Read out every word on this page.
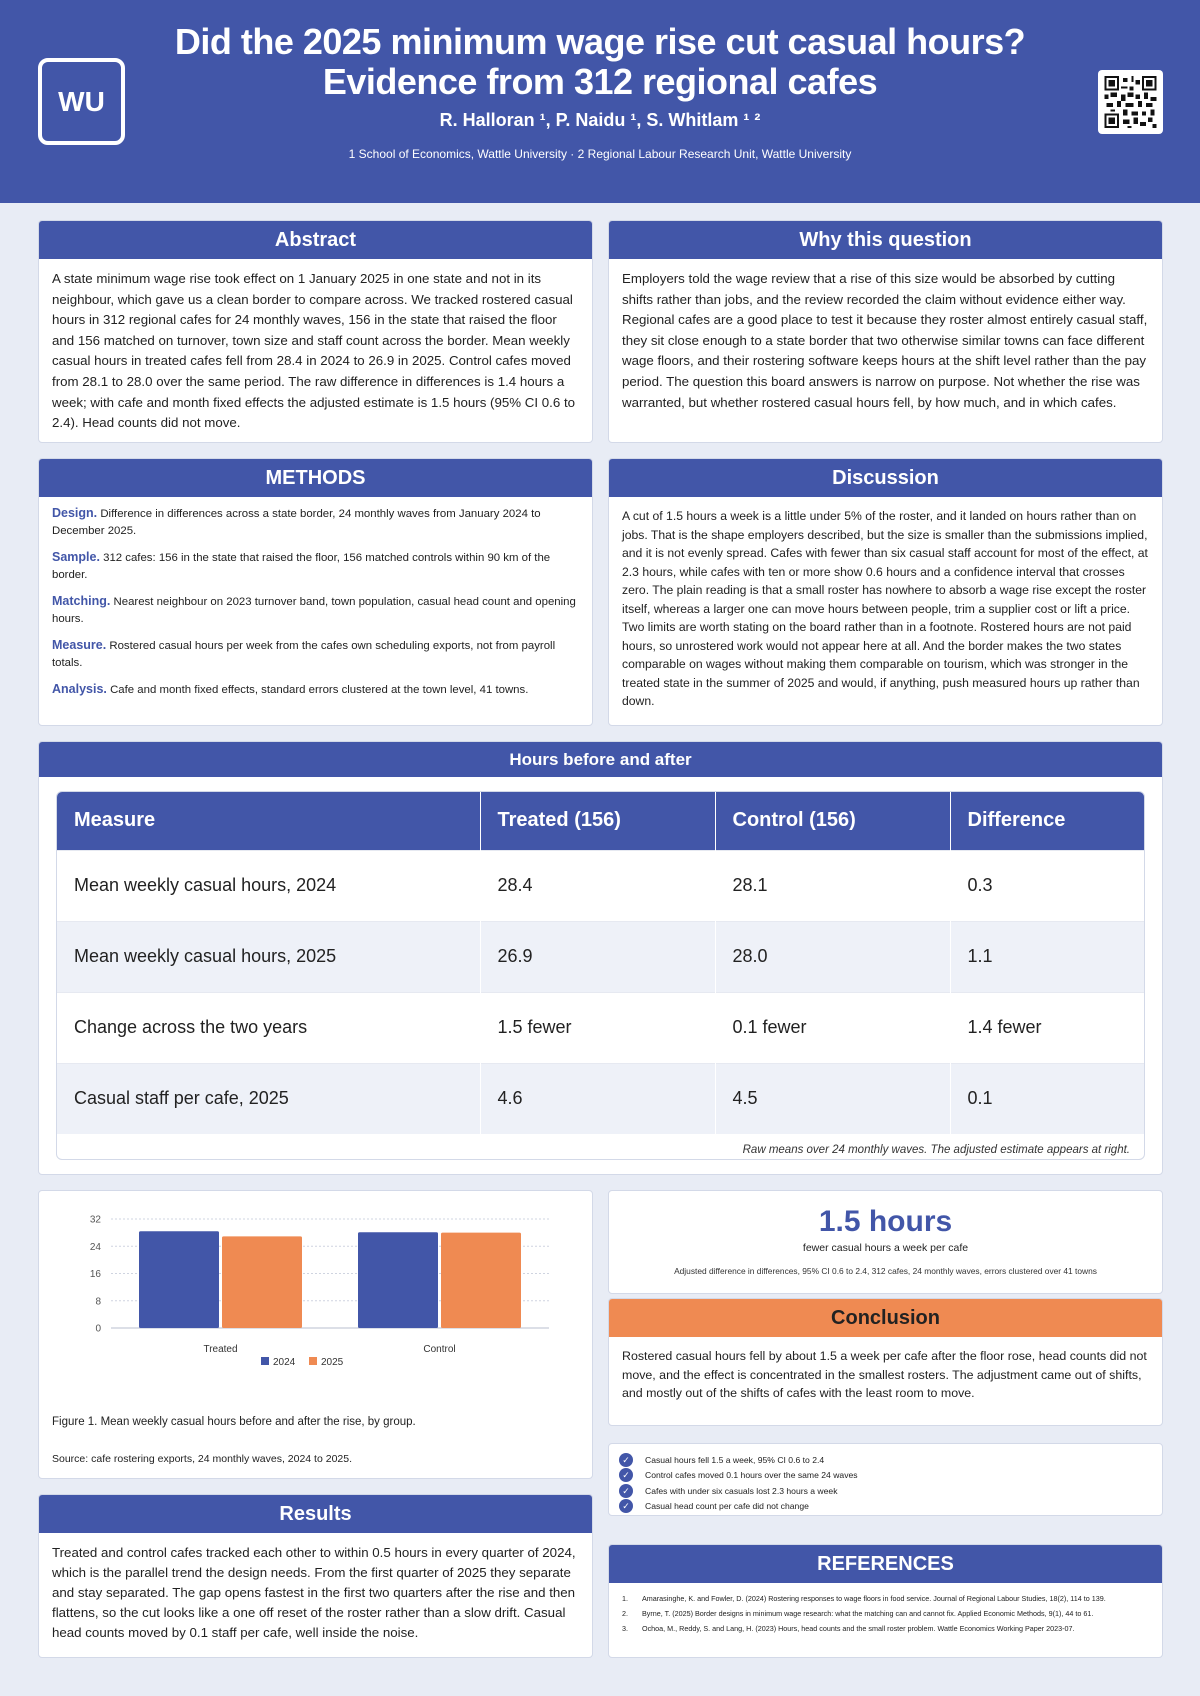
WU
Did the 2025 minimum wage rise cut casual hours?
Evidence from 312 regional cafes
R. Halloran ¹, P. Naidu ¹, S. Whitlam ¹ ²
1 School of Economics, Wattle University · 2 Regional Labour Research Unit, Wattle University
Abstract
A state minimum wage rise took effect on 1 January 2025 in one state and not in its neighbour, which gave us a clean border to compare across. We tracked rostered casual hours in 312 regional cafes for 24 monthly waves, 156 in the state that raised the floor and 156 matched on turnover, town size and staff count across the border. Mean weekly casual hours in treated cafes fell from 28.4 in 2024 to 26.9 in 2025. Control cafes moved from 28.1 to 28.0 over the same period. The raw difference in differences is 1.4 hours a week; with cafe and month fixed effects the adjusted estimate is 1.5 hours (95% CI 0.6 to 2.4). Head counts did not move.
Why this question
Employers told the wage review that a rise of this size would be absorbed by cutting shifts rather than jobs, and the review recorded the claim without evidence either way. Regional cafes are a good place to test it because they roster almost entirely casual staff, they sit close enough to a state border that two otherwise similar towns can face different wage floors, and their rostering software keeps hours at the shift level rather than the pay period. The question this board answers is narrow on purpose. Not whether the rise was warranted, but whether rostered casual hours fell, by how much, and in which cafes.
METHODS
Design. Difference in differences across a state border, 24 monthly waves from January 2024 to December 2025.
Sample. 312 cafes: 156 in the state that raised the floor, 156 matched controls within 90 km of the border.
Matching. Nearest neighbour on 2023 turnover band, town population, casual head count and opening hours.
Measure. Rostered casual hours per week from the cafes own scheduling exports, not from payroll totals.
Analysis. Cafe and month fixed effects, standard errors clustered at the town level, 41 towns.
Discussion
A cut of 1.5 hours a week is a little under 5% of the roster, and it landed on hours rather than on jobs. That is the shape employers described, but the size is smaller than the submissions implied, and it is not evenly spread. Cafes with fewer than six casual staff account for most of the effect, at 2.3 hours, while cafes with ten or more show 0.6 hours and a confidence interval that crosses zero. The plain reading is that a small roster has nowhere to absorb a wage rise except the roster itself, whereas a larger one can move hours between people, trim a supplier cost or lift a price. Two limits are worth stating on the board rather than in a footnote. Rostered hours are not paid hours, so unrostered work would not appear here at all. And the border makes the two states comparable on wages without making them comparable on tourism, which was stronger in the treated state in the summer of 2025 and would, if anything, push measured hours up rather than down.
Hours before and after
Measure	Treated (156)	Control (156)	Difference
Mean weekly casual hours, 2024	28.4	28.1	0.3
Mean weekly casual hours, 2025	26.9	28.0	1.1
Change across the two years	1.5 fewer	0.1 fewer	1.4 fewer
Casual staff per cafe, 2025	4.6	4.5	0.1
Raw means over 24 monthly waves. The adjusted estimate appears at right.
0
8
16
24
32
Treated	Control
2024	2025
Figure 1. Mean weekly casual hours before and after the rise, by group.
Source: cafe rostering exports, 24 monthly waves, 2024 to 2025.
Results
Treated and control cafes tracked each other to within 0.5 hours in every quarter of 2024, which is the parallel trend the design needs. From the first quarter of 2025 they separate and stay separated. The gap opens fastest in the first two quarters after the rise and then flattens, so the cut looks like a one off reset of the roster rather than a slow drift. Casual head counts moved by 0.1 staff per cafe, well inside the noise.
1.5 hours
fewer casual hours a week per cafe
Adjusted difference in differences, 95% CI 0.6 to 2.4, 312 cafes, 24 monthly waves, errors clustered over 41 towns
Conclusion
Rostered casual hours fell by about 1.5 a week per cafe after the floor rose, head counts did not move, and the effect is concentrated in the smallest rosters. The adjustment came out of shifts, and mostly out of the shifts of cafes with the least room to move.
✓	Casual hours fell 1.5 a week, 95% CI 0.6 to 2.4
✓	Control cafes moved 0.1 hours over the same 24 waves
✓	Cafes with under six casuals lost 2.3 hours a week
✓	Casual head count per cafe did not change
REFERENCES
1.	Amarasinghe, K. and Fowler, D. (2024) Rostering responses to wage floors in food service. Journal of Regional Labour Studies, 18(2), 114 to 139.
2.	Byrne, T. (2025) Border designs in minimum wage research: what the matching can and cannot fix. Applied Economic Methods, 9(1), 44 to 61.
3.	Ochoa, M., Reddy, S. and Lang, H. (2023) Hours, head counts and the small roster problem. Wattle Economics Working Paper 2023-07.
